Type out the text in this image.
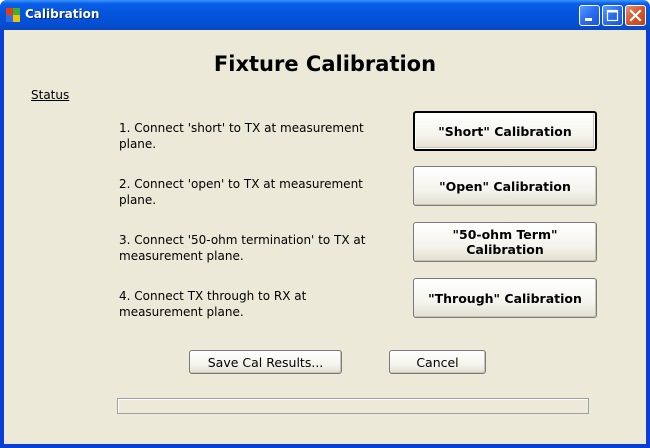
Calibration
Fixture Calibration
Status
1. Connect 'short' to TX at measurement plane.
"Short" Calibration
2. Connect 'open' to TX at measurement plane.
"Open" Calibration
3. Connect '50-ohm termination' to TX at measurement plane.
"50-ohm Term" Calibration
4. Connect TX through to RX at measurement plane.
"Through" Calibration
Save Cal Results...	Cancel
